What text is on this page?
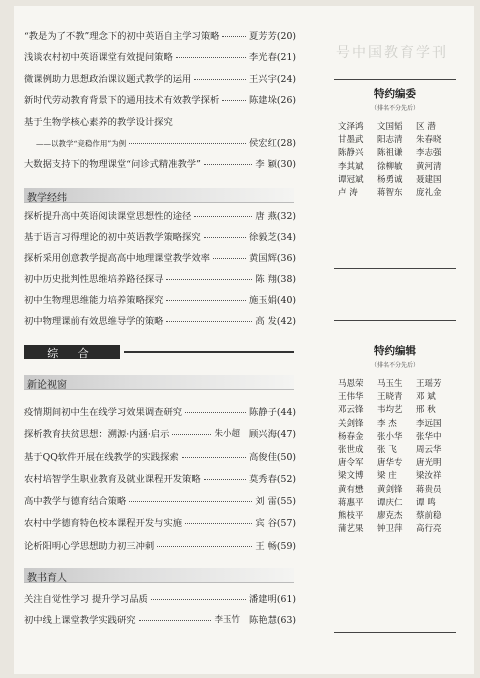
号中国教育学刊
“教是为了不教”理念下的初中英语自主学习策略	夏芳芳(20)
浅谈农村初中英语课堂有效提问策略	李光春(21)
微课例助力思想政治课议题式教学的运用	王兴宇(24)
新时代劳动教育背景下的通用技术有效教学探析	陈建垛(26)
基于生物学核心素养的教学设计探究
——以教学“竞稳作用”为例	侯宏红(28)
大数据支持下的物理课堂“问诊式精准教学”	李 颖(30)
教学经纬
探析提升高中英语阅读课堂思想性的途径	唐 燕(32)
基于语言习得理论的初中英语教学策略探究	徐毅芝(34)
探析采用创意教学提高高中地理课堂教学效率	黄国辉(36)
初中历史批判性思维培养路径探寻	陈 翔(38)
初中生物理思维能力培养策略探究	施玉娟(40)
初中物理课前有效思维导学的策略	高 发(42)
综 合
新论视窗
疫情期间初中生在线学习效果调查研究	陈静子(44)
探析教育扶贫思想：溯源·内涵·启示	朱小超 顾兴海(47)
基于QQ软件开展在线教学的实践探索	高俊佳(50)
农村培智学生职业教育及就业课程开发策略	莫秀春(52)
高中教学与德育结合策略	刘 雷(55)
农村中学德育特色校本课程开发与实施	宾 谷(57)
论析阳明心学思想助力初三冲刺	王 畅(59)
教书育人
关注自觉性学习 提升学习品质	潘建明(61)
初中线上课堂教学实践研究	李玉竹 陈艳慧(63)
特约编委
（排名不分先后）
文泽鸿	文国韬	区 潜
甘墨武	阳志清	朱春晓
陈静兴	陈祖谦	李志强
李其斌	徐柳敏	黄河清
谭冠斌	杨勇诚	聂建国
卢 涛	蒋智东	庞礼金
特约编辑
（排名不分先后）
马恩荣	马玉生	王瑶芳
王伟华	王晓青	邓 斌
邓云锋	韦均艺	邢 秋
关剑锋	李 杰	李远国
杨春金	张小华	张华中
张世成	张 飞	周云华
唐令军	唐华专	唐光明
梁文博	梁 庄	梁汝祥
黄有懋	黄剑锋	蒋贵员
蒋惠平	谭庆仁	谭 鸣
熊枝平	廖克杰	蔡前稳
蒲艺果	钟卫萍	高行亮
